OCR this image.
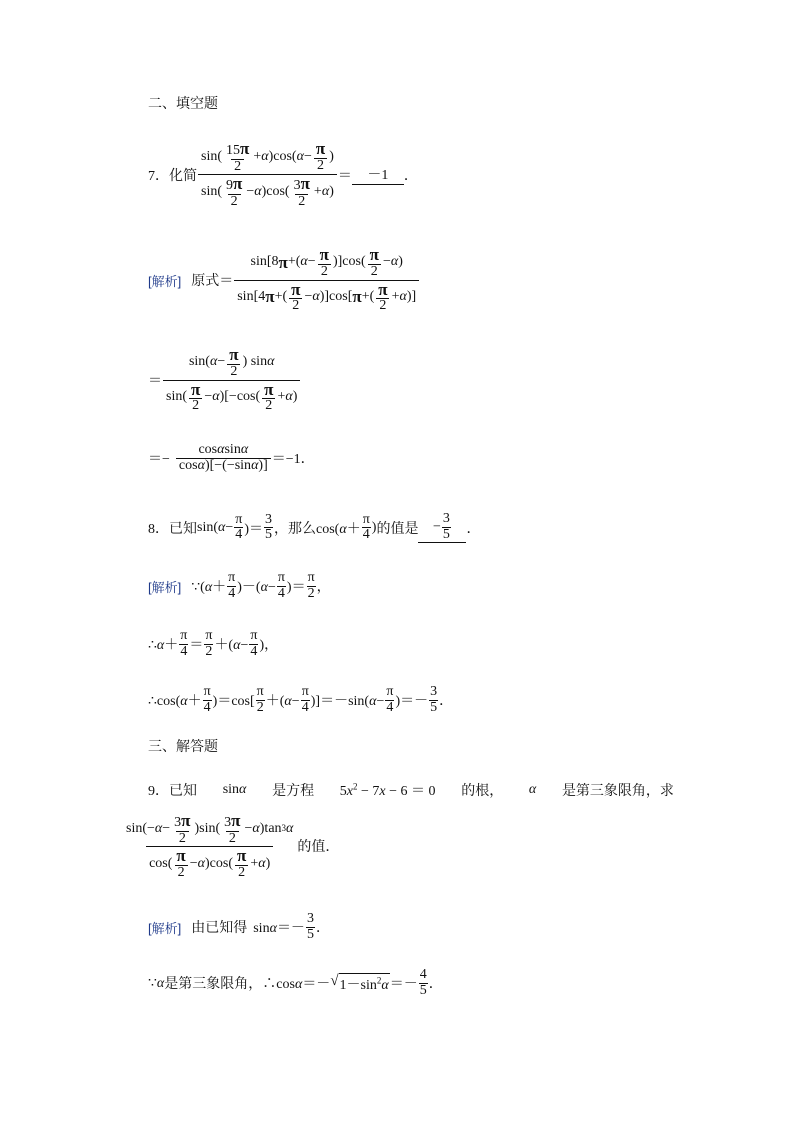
二、填空题
7．化简 $\frac{\sin( \frac{15\pi}{2} + \alpha )\cos( \alpha - \frac{\pi}{2} )}{\sin( \frac{9\pi}{2} - \alpha )\cos( \frac{3\pi}{2} + \alpha )}$ ＝	－1	．
[解析] 原式＝ $\frac{\sin[8 \pi +( \alpha - \frac{\pi}{2} )]\cos( \frac{\pi}{2} - \alpha )}{\sin[4 \pi +( \frac{\pi}{2} - \alpha )]\cos[ \pi +( \frac{\pi}{2} + \alpha )]}$
＝ $\frac{\sin( \alpha - \frac{\pi}{2} ) \sin \alpha}{\sin( \frac{\pi}{2} - \alpha )[-\cos( \frac{\pi}{2} + \alpha )}$
＝− $\frac{\text{cos α sin α}}{\text{cos α )[−(−sin α )]}} =-1$．
8．已知 $\sin(\alpha- \frac{\pi}{4}$ )＝ $\frac{3}{5}$ ，那么 $\cos(\alpha+ \frac{\pi}{4}$ ) 的值是	− $\frac{3}{5}$ ．
[解析] ∵(α＋ $\frac{\pi}{4} )-(\alpha- \frac{\pi}{4}$ )＝ $\frac{\pi}{2}$ ，
∴α＋ $\frac{\pi}{4} = \frac{\pi}{2} +(\alpha- \frac{\pi}{4}$ )，
∴cos(α＋ $\frac{\pi}{4} )=\cos[ \frac{\pi}{2} +(\alpha- \frac{\pi}{4} )]=-\sin(\alpha- \frac{\pi}{4}$ )＝－ $\frac{3}{5}$ ．
三、解答题
9．已知 sinα 是方程 $5x^2 - 7x - 6 = 0$ 的根， α 是第三象限角，求
$\frac{\sin(- \alpha - \frac{3\pi}{2} )\sin( \frac{3\pi}{2} - \alpha )\tan 3 \alpha}{\cos( \frac{\pi}{2} - \alpha )\cos( \frac{\pi}{2} + \alpha )}$ 的值．
[解析] 由已知得 $\sin\alpha=- \frac{3}{5}$ ．
∵α 是第三象限角，∴ cosα＝－ √ $1-\sin^2\alpha =- \frac{4}{5}$ ．
